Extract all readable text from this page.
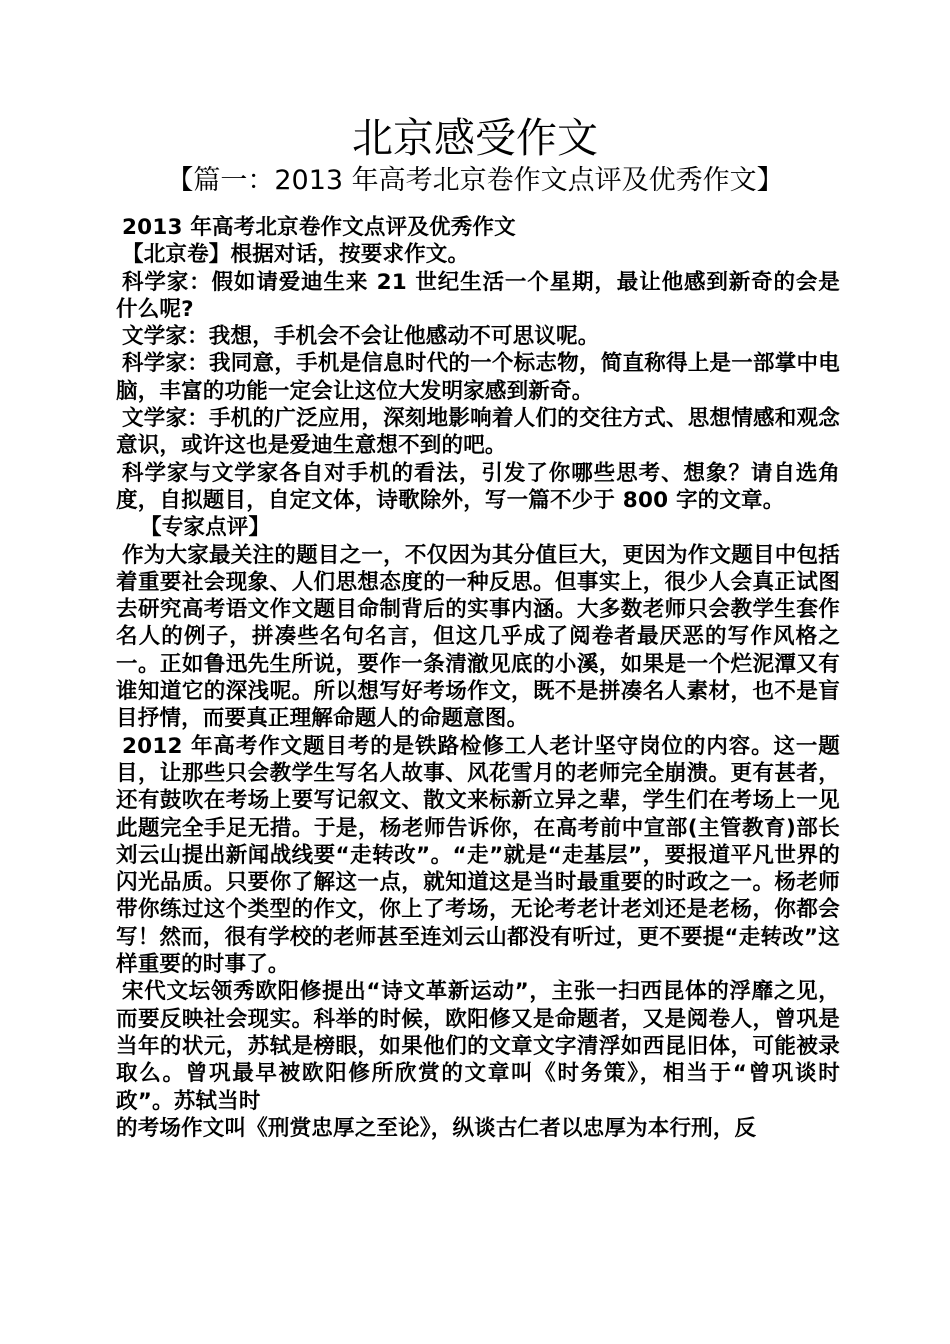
北京感受作文
【篇一：2013 年高考北京卷作文点评及优秀作文】

2013 年高考北京卷作文点评及优秀作文

【北京卷】根据对话，按要求作文。

科学家：假如请爱迪生来 21 世纪生活一个星期，最让他感到新奇的会是什么呢?

文学家：我想，手机会不会让他感动不可思议呢。

科学家：我同意，手机是信息时代的一个标志物，简直称得上是一部掌中电脑，丰富的功能一定会让这位大发明家感到新奇。

文学家：手机的广泛应用，深刻地影响着人们的交往方式、思想情感和观念意识，或许这也是爱迪生意想不到的吧。

科学家与文学家各自对手机的看法，引发了你哪些思考、想象？请自选角度，自拟题目，自定文体，诗歌除外，写一篇不少于 800 字的文章。

【专家点评】

作为大家最关注的题目之一，不仅因为其分值巨大，更因为作文题目中包括着重要社会现象、人们思想态度的一种反思。但事实上，很少人会真正试图去研究高考语文作文题目命制背后的实事内涵。大多数老师只会教学生套作名人的例子，拼凑些名句名言，但这几乎成了阅卷者最厌恶的写作风格之一。正如鲁迅先生所说，要作一条清澈见底的小溪，如果是一个烂泥潭又有谁知道它的深浅呢。所以想写好考场作文，既不是拼凑名人素材，也不是盲目抒情，而要真正理解命题人的命题意图。

2012 年高考作文题目考的是铁路检修工人老计坚守岗位的内容。这一题目，让那些只会教学生写名人故事、风花雪月的老师完全崩溃。更有甚者，还有鼓吹在考场上要写记叙文、散文来标新立异之辈，学生们在考场上一见此题完全手足无措。于是，杨老师告诉你，在高考前中宣部(主管教育)部长刘云山提出新闻战线要“走转改”。“走”就是“走基层”，要报道平凡世界的闪光品质。只要你了解这一点，就知道这是当时最重要的时政之一。杨老师带你练过这个类型的作文，你上了考场，无论考老计老刘还是老杨，你都会写！然而，很有学校的老师甚至连刘云山都没有听过，更不要提“走转改”这样重要的时事了。

宋代文坛领秀欧阳修提出“诗文革新运动”，主张一扫西昆体的浮靡之见，而要反映社会现实。科举的时候，欧阳修又是命题者，又是阅卷人，曾巩是当年的状元，苏轼是榜眼，如果他们的文章文字清浮如西昆旧体，可能被录取么。曾巩最早被欧阳修所欣赏的文章叫《时务策》，相当于“曾巩谈时政”。苏轼当时

的考场作文叫《刑赏忠厚之至论》，纵谈古仁者以忠厚为本行刑，反
